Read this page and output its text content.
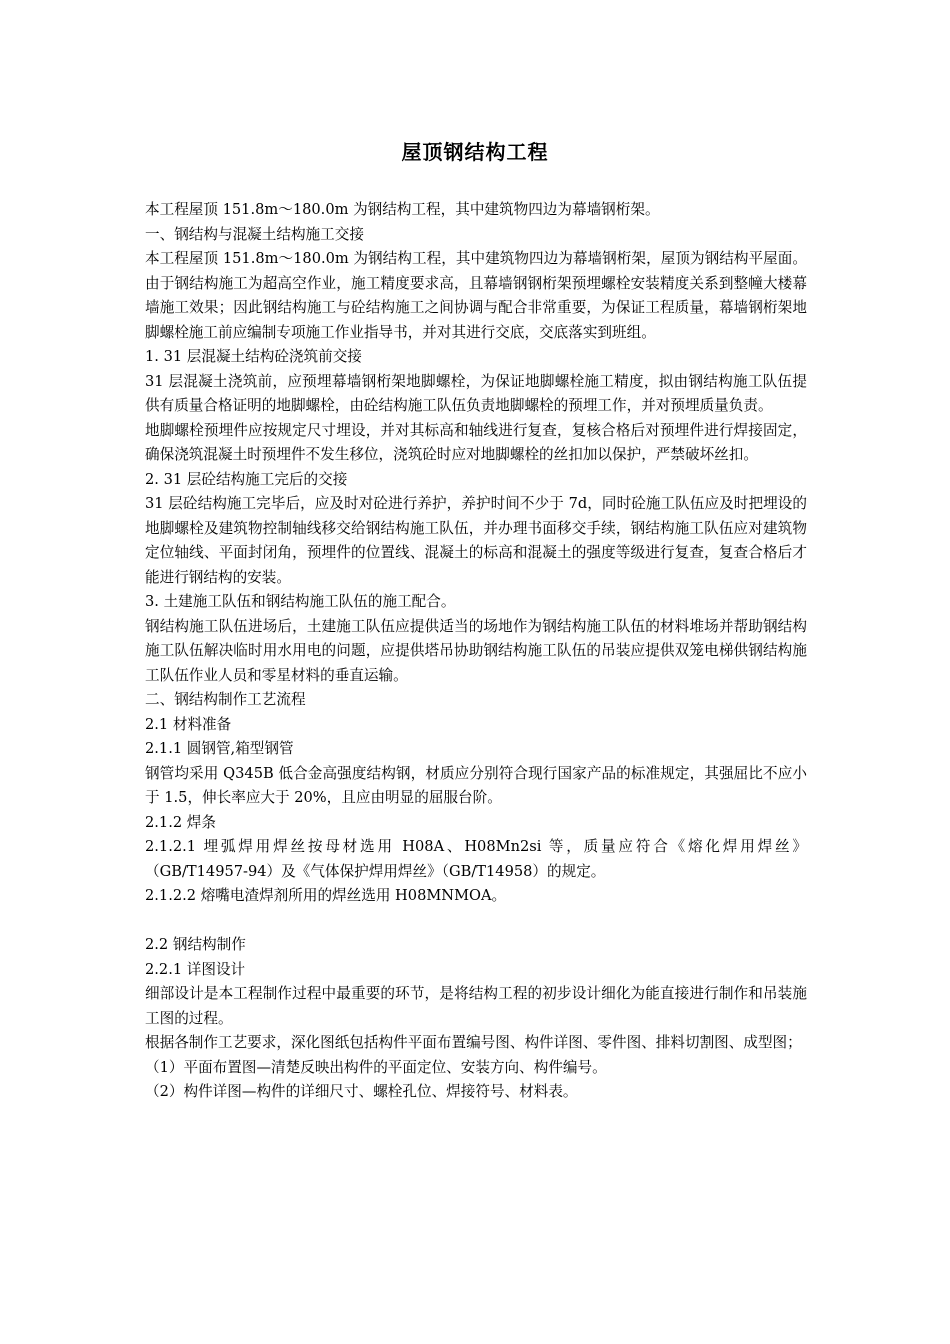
屋顶钢结构工程

本工程屋顶 151.8m～180.0m 为钢结构工程，其中建筑物四边为幕墙钢桁架。

一、钢结构与混凝土结构施工交接

本工程屋顶 151.8m～180.0m 为钢结构工程，其中建筑物四边为幕墙钢桁架，屋顶为钢结构平屋面。由于钢结构施工为超高空作业，施工精度要求高，且幕墙钢钢桁架预埋螺栓安装精度关系到整幢大楼幕墙施工效果；因此钢结构施工与砼结构施工之间协调与配合非常重要，为保证工程质量，幕墙钢桁架地脚螺栓施工前应编制专项施工作业指导书，并对其进行交底，交底落实到班组。

1. 31 层混凝土结构砼浇筑前交接

31 层混凝土浇筑前，应预埋幕墙钢桁架地脚螺栓，为保证地脚螺栓施工精度，拟由钢结构施工队伍提供有质量合格证明的地脚螺栓，由砼结构施工队伍负责地脚螺栓的预埋工作，并对预埋质量负责。

地脚螺栓预埋件应按规定尺寸埋设，并对其标高和轴线进行复查，复核合格后对预埋件进行焊接固定，确保浇筑混凝土时预埋件不发生移位，浇筑砼时应对地脚螺栓的丝扣加以保护，严禁破坏丝扣。

2. 31 层砼结构施工完后的交接

31 层砼结构施工完毕后，应及时对砼进行养护，养护时间不少于 7d，同时砼施工队伍应及时把埋设的地脚螺栓及建筑物控制轴线移交给钢结构施工队伍，并办理书面移交手续，钢结构施工队伍应对建筑物定位轴线、平面封闭角，预埋件的位置线、混凝土的标高和混凝土的强度等级进行复查，复查合格后才能进行钢结构的安装。

3. 土建施工队伍和钢结构施工队伍的施工配合。

钢结构施工队伍进场后，土建施工队伍应提供适当的场地作为钢结构施工队伍的材料堆场并帮助钢结构施工队伍解决临时用水用电的问题，应提供塔吊协助钢结构施工队伍的吊装应提供双笼电梯供钢结构施工队伍作业人员和零星材料的垂直运输。

二、钢结构制作工艺流程

2.1 材料准备

2.1.1 圆钢管,箱型钢管

钢管均采用 Q345B 低合金高强度结构钢，材质应分别符合现行国家产品的标准规定，其强屈比不应小于 1.5，伸长率应大于 20%，且应由明显的屈服台阶。

2.1.2 焊条

2.1.2.1 埋弧焊用焊丝按母材选用 H08A、H08Mn2si 等，质量应符合《熔化焊用焊丝》（GB/T14957-94）及《气体保护焊用焊丝》（GB/T14958）的规定。

2.1.2.2 熔嘴电渣焊剂所用的焊丝选用 H08MNMOA。

2.2 钢结构制作

2.2.1 详图设计

细部设计是本工程制作过程中最重要的环节，是将结构工程的初步设计细化为能直接进行制作和吊装施工图的过程。

根据各制作工艺要求，深化图纸包括构件平面布置编号图、构件详图、零件图、排料切割图、成型图；

（1）平面布置图—清楚反映出构件的平面定位、安装方向、构件编号。

（2）构件详图—构件的详细尺寸、螺栓孔位、焊接符号、材料表。
